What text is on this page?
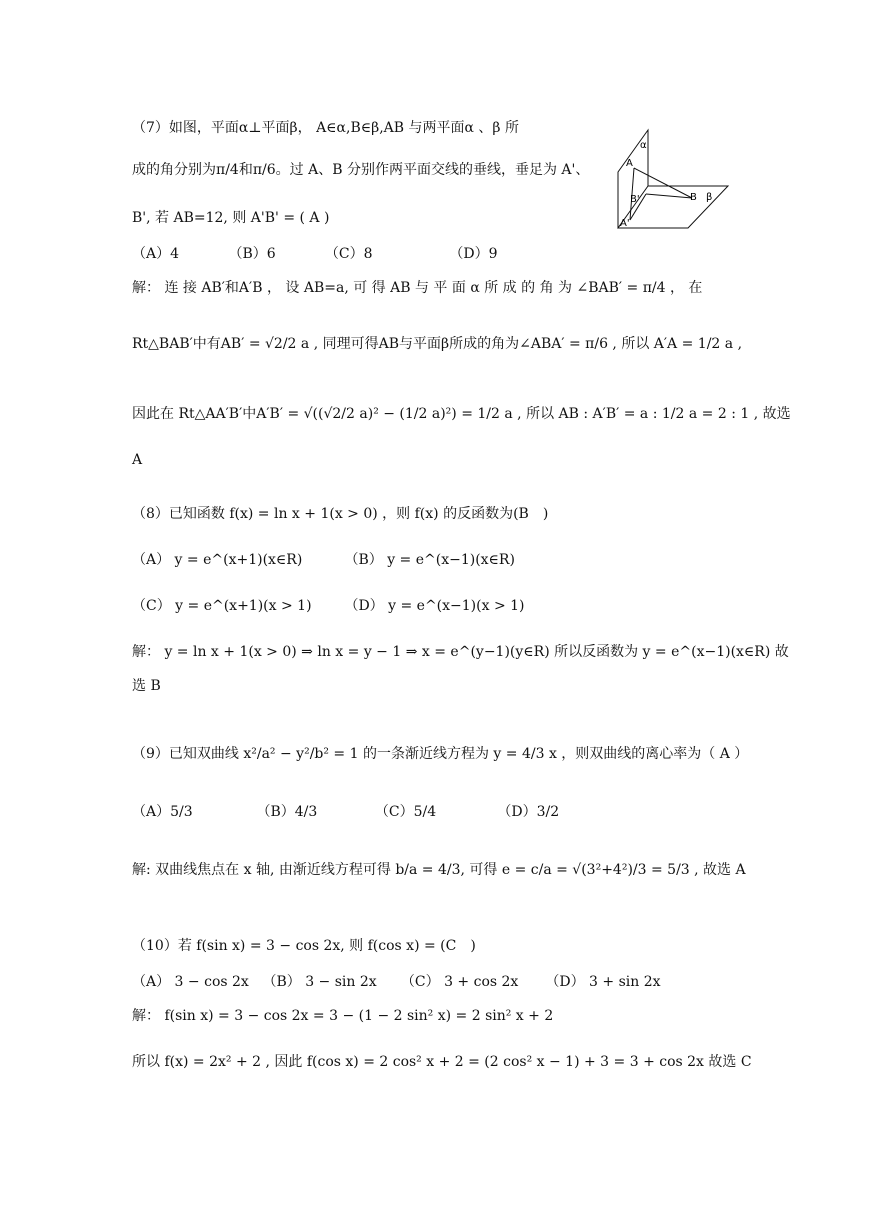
（7）如图，平面α⊥平面β， A∈α,B∈β,AB 与两平面α 、β 所
成的角分别为π/4和π/6。过 A、B 分别作两平面交线的垂线，垂足为 A'、
B', 若 AB=12, 则 A'B' = ( A )
（A）4	（B）6	（C）8	（D）9
α
A
B'	B β
A'
解： 连 接 AB′和A′B ， 设 AB=a, 可 得 AB 与 平 面 α 所 成 的 角 为 ∠BAB′ = π/4 ， 在
Rt△BAB′中有AB′ = √2/2 a , 同理可得AB与平面β所成的角为∠ABA′ = π/6 , 所以 A′A = 1/2 a ,
因此在 Rt△AA′B′中A′B′ = √((√2/2 a)² − (1/2 a)²) = 1/2 a , 所以 AB : A′B′ = a : 1/2 a = 2 : 1 , 故选
A
（8）已知函数 f(x) = ln x + 1(x > 0) ，则 f(x) 的反函数为(B　)
（A） y = e^(x+1)(x∈R)	（B） y = e^(x−1)(x∈R)
（C） y = e^(x+1)(x > 1) （D） y = e^(x−1)(x > 1)
解： y = ln x + 1(x > 0) ⇒ ln x = y − 1 ⇒ x = e^(y−1)(y∈R) 所以反函数为 y = e^(x−1)(x∈R) 故
选 B
（9）已知双曲线 x²/a² − y²/b² = 1 的一条渐近线方程为 y = 4/3 x ，则双曲线的离心率为（ A ）
（A）5/3	（B）4/3	（C）5/4	（D）3/2
解: 双曲线焦点在 x 轴, 由渐近线方程可得 b/a = 4/3, 可得 e = c/a = √(3²+4²)/3 = 5/3 , 故选 A
（10）若 f(sin x) = 3 − cos 2x, 则 f(cos x) = (C　)
（A） 3 − cos 2x （B） 3 − sin 2x （C） 3 + cos 2x （D） 3 + sin 2x
解： f(sin x) = 3 − cos 2x = 3 − (1 − 2 sin² x) = 2 sin² x + 2
所以 f(x) = 2x² + 2 , 因此 f(cos x) = 2 cos² x + 2 = (2 cos² x − 1) + 3 = 3 + cos 2x 故选 C
